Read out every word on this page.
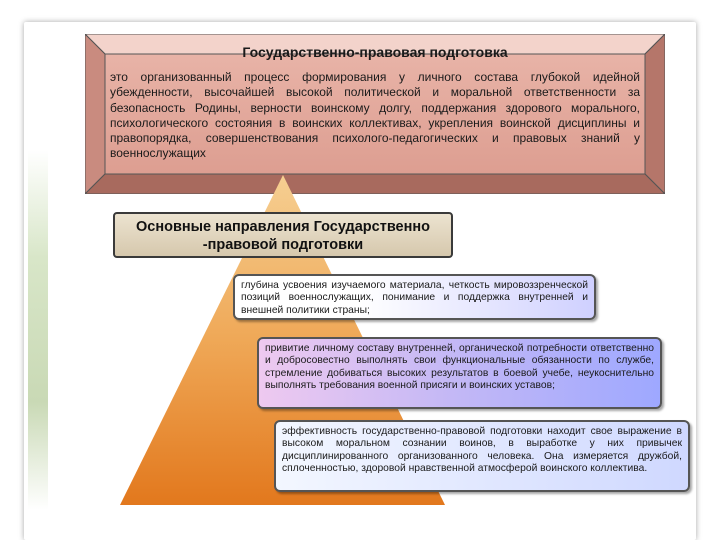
Государственно-правовая подготовка
это организованный процесс формирования у личного состава глубокой идейной убежденности, высочайшей высокой политической и моральной ответственности за безопасность Родины, верности воинскому долгу, поддержания здорового морального, психологического состояния в воинских коллективах, укрепления воинской дисциплины и правопорядка, совершенствования психолого-педагогических и правовых знаний у военнослужащих
Основные направления Государственно -правовой подготовки
глубина усвоения изучаемого материала, четкость мировоззренческой позиций военнослужащих, понимание и поддержка внутренней и внешней политики страны;
привитие личному составу внутренней, органической потребности ответственно и добросовестно выполнять свои функциональные обязанности по службе, стремление добиваться высоких результатов в боевой учебе, неукоснительно выполнять требования военной присяги и воинских уставов;
эффективность государственно-правовой подготовки находит свое выражение в высоком моральном сознании воинов, в выработке у них привычек дисциплинированного организованного человека. Она измеряется дружбой, сплоченностью, здоровой нравственной атмосферой воинского коллектива.
